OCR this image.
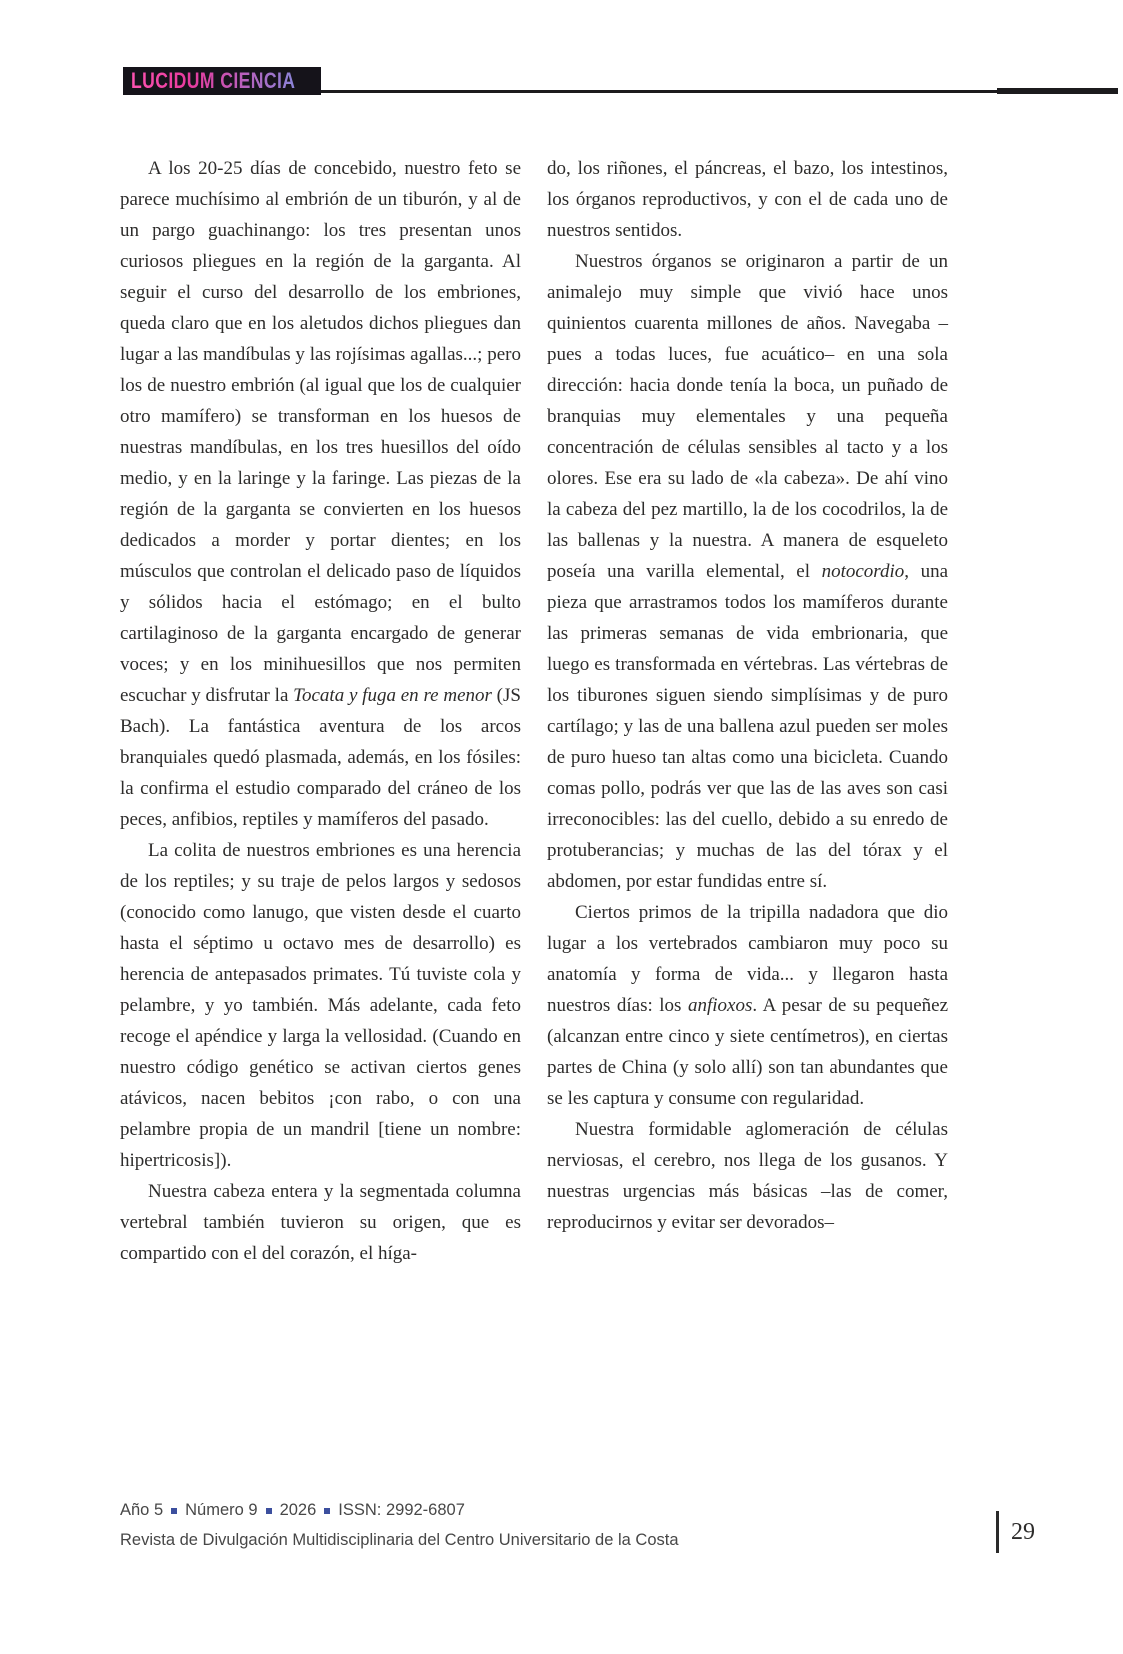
LUCIDUM CIENCIA

A los 20-25 días de concebido, nuestro feto se parece muchísimo al embrión de un tiburón, y al de un pargo guachinango: los tres presentan unos curiosos pliegues en la región de la garganta. Al seguir el curso del desarrollo de los embriones, queda claro que en los aletudos dichos pliegues dan lugar a las mandíbulas y las rojísimas agallas...; pero los de nuestro embrión (al igual que los de cualquier otro mamífero) se transforman en los huesos de nuestras mandíbulas, en los tres huesillos del oído medio, y en la laringe y la faringe. Las piezas de la región de la garganta se convierten en los huesos dedicados a morder y portar dientes; en los músculos que controlan el delicado paso de líquidos y sólidos hacia el estómago; en el bulto cartilaginoso de la garganta encargado de generar voces; y en los minihuesillos que nos permiten escuchar y disfrutar la Tocata y fuga en re menor (JS Bach). La fantástica aventura de los arcos branquiales quedó plasmada, además, en los fósiles: la confirma el estudio comparado del cráneo de los peces, anfibios, reptiles y mamíferos del pasado.

La colita de nuestros embriones es una herencia de los reptiles; y su traje de pelos largos y sedosos (conocido como lanugo, que visten desde el cuarto hasta el séptimo u octavo mes de desarrollo) es herencia de antepasados primates. Tú tuviste cola y pelambre, y yo también. Más adelante, cada feto recoge el apéndice y larga la vellosidad. (Cuando en nuestro código genético se activan ciertos genes atávicos, nacen bebitos ¡con rabo, o con una pelambre propia de un mandril [tiene un nombre: hipertricosis]).

Nuestra cabeza entera y la segmentada columna vertebral también tuvieron su origen, que es compartido con el del corazón, el híga-

do, los riñones, el páncreas, el bazo, los intestinos, los órganos reproductivos, y con el de cada uno de nuestros sentidos.

Nuestros órganos se originaron a partir de un animalejo muy simple que vivió hace unos quinientos cuarenta millones de años. Navegaba –pues a todas luces, fue acuático– en una sola dirección: hacia donde tenía la boca, un puñado de branquias muy elementales y una pequeña concentración de células sensibles al tacto y a los olores. Ese era su lado de «la cabeza». De ahí vino la cabeza del pez martillo, la de los cocodrilos, la de las ballenas y la nuestra. A manera de esqueleto poseía una varilla elemental, el notocordio, una pieza que arrastramos todos los mamíferos durante las primeras semanas de vida embrionaria, que luego es transformada en vértebras. Las vértebras de los tiburones siguen siendo simplísimas y de puro cartílago; y las de una ballena azul pueden ser moles de puro hueso tan altas como una bicicleta. Cuando comas pollo, podrás ver que las de las aves son casi irreconocibles: las del cuello, debido a su enredo de protuberancias; y muchas de las del tórax y el abdomen, por estar fundidas entre sí.

Ciertos primos de la tripilla nadadora que dio lugar a los vertebrados cambiaron muy poco su anatomía y forma de vida... y llegaron hasta nuestros días: los anfioxos. A pesar de su pequeñez (alcanzan entre cinco y siete centímetros), en ciertas partes de China (y solo allí) son tan abundantes que se les captura y consume con regularidad.

Nuestra formidable aglomeración de células nerviosas, el cerebro, nos llega de los gusanos. Y nuestras urgencias más básicas –las de comer, reproducirnos y evitar ser devorados–

Año 5 Número 9 2026 ISSN: 2992-6807
Revista de Divulgación Multidisciplinaria del Centro Universitario de la Costa	29
